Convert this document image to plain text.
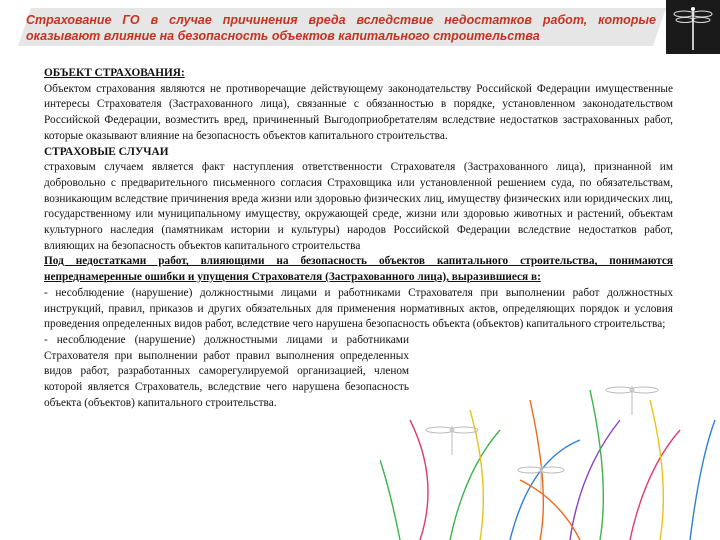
Страхование ГО в случае причинения вреда вследствие недостатков работ, которые оказывают влияние на безопасность объектов капитального строительства

ОБЪЕКТ СТРАХОВАНИЯ:

Объектом страхования являются не противоречащие действующему законодательству Российской Федерации имущественные интересы Страхователя (Застрахованного лица), связанные с обязанностью в порядке, установленном законодательством Российской Федерации, возместить вред, причиненный Выгодоприобретателям вследствие недостатков застрахованных работ, которые оказывают влияние на безопасность объектов капитального строительства.

СТРАХОВЫЕ СЛУЧАИ

страховым случаем является факт наступления ответственности Страхователя (Застрахованного лица), признанной им добровольно с предварительного письменного согласия Страховщика или установленной решением суда, по обязательствам, возникающим вследствие причинения вреда жизни или здоровью физических лиц, имуществу физических или юридических лиц, государственному или муниципальному имуществу, окружающей среде, жизни или здоровью животных и растений, объектам культурного наследия (памятникам истории и культуры) народов Российской Федерации вследствие недостатков работ, влияющих на безопасность объектов капитального строительства

Под недостатками работ, влияющими на безопасность объектов капитального строительства, понимаются непреднамеренные ошибки и упущения Страхователя (Застрахованного лица), выразившиеся в:

- несоблюдение (нарушение) должностными лицами и работниками Страхователя при выполнении работ должностных инструкций, правил, приказов и других обязательных для применения нормативных актов, определяющих порядок и условия проведения определенных видов работ, вследствие чего нарушена безопасность объекта (объектов) капитального строительства;

- несоблюдение (нарушение) должностными лицами и работниками Страхователя при выполнении работ правил выполнения определенных видов работ, разработанных саморегулируемой организацией, членом которой является Страхователь, вследствие чего нарушена безопасность объекта (объектов) капитального строительства.
